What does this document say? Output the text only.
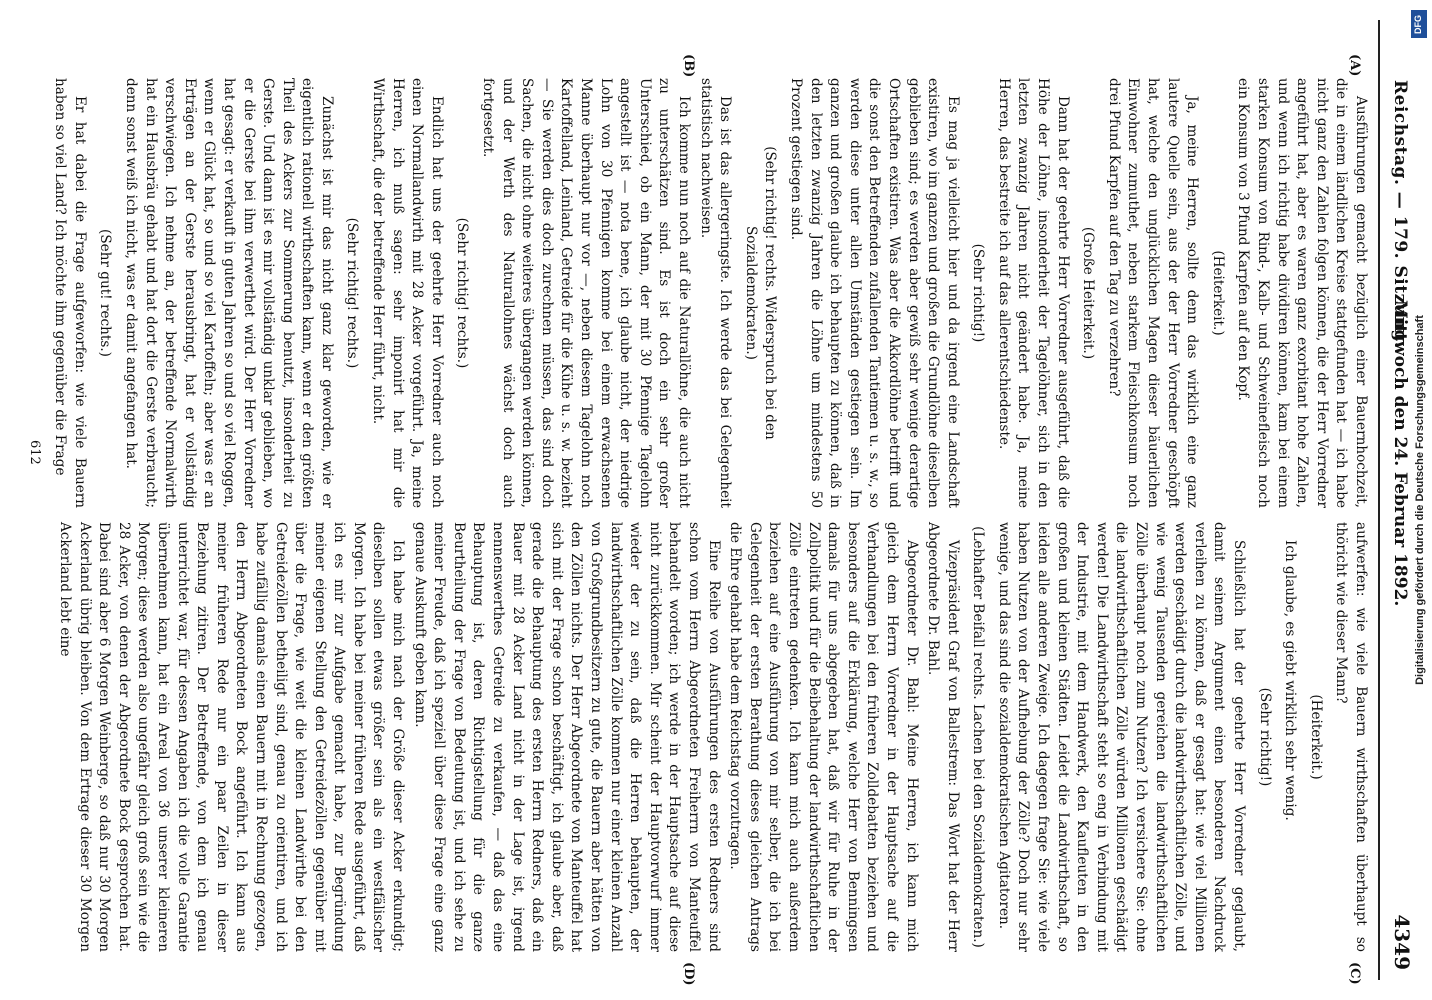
Reichstag. — 179. Sitzung.
Mittwoch den 24. Februar 1892.
4349
(A)
(B)
(C)
(D)

Ausführungen gemacht bezüglich einer Bauernhochzeit, die in einem ländlichen Kreise stattgefunden hat — ich habe nicht ganz den Zahlen folgen können, die der Herr Vorredner angeführt hat, aber es waren ganz exorbitant hohe Zahlen, und wenn ich richtig habe dividiren können, kam bei einem starken Konsum von Rind-, Kalb- und Schweinefleisch noch ein Konsum von 3 Pfund Karpfen auf den Kopf.

(Heiterkeit.)

Ja, meine Herren, sollte denn das wirklich eine ganz lautere Quelle sein, aus der der Herr Vorredner geschöpft hat, welche den unglücklichen Magen dieser bäuerlichen Einwohner zumuthet, neben starkem Fleischkonsum noch drei Pfund Karpfen auf den Tag zu verzehren?

(Große Heiterkeit.)

Dann hat der geehrte Herr Vorredner ausgeführt, daß die Höhe der Löhne, insonderheit der Tagelöhner, sich in den letzten zwanzig Jahren nicht geändert habe. Ja, meine Herren, das bestreite ich auf das allerentschiedenste.

(Sehr richtig!)

Es mag ja vielleicht hier und da irgend eine Landschaft existiren, wo im ganzen und großen die Grundlöhne dieselben geblieben sind; es werden aber gewiß sehr wenige derartige Ortschaften existiren. Was aber die Akkordlöhne betrifft und die sonst den Betreffenden zufallenden Tantiemen u. s. w., so werden diese unter allen Umständen gestiegen sein. Im ganzen und großen glaube ich behaupten zu können, daß in den letzten zwanzig Jahren die Löhne um mindestens 50 Prozent gestiegen sind.

(Sehr richtig! rechts. Widerspruch bei den Sozialdemokraten.)

Das ist das allergeringste. Ich werde das bei Gelegenheit statistisch nachweisen.

Ich komme nun noch auf die Naturallöhne, die auch nicht zu unterschätzen sind. Es ist doch ein sehr großer Unterschied, ob ein Mann, der mit 30 Pfennige Tagelohn angestellt ist — nota bene, ich glaube nicht, der niedrige Lohn von 30 Pfennigen komme bei einem erwachsenen Manne überhaupt nur vor —, neben diesem Tagelohn noch Kartoffelland, Leinland, Getreide für die Kühe u. s. w. bezieht — Sie werden dies doch zurechnen müssen, das sind doch Sachen, die nicht ohne weiteres übergangen werden können, und der Werth des Naturallohnes wächst doch auch fortgesetzt.

(Sehr richtig! rechts.)

Endlich hat uns der geehrte Herr Vorredner auch noch einen Normallandwirth mit 28 Acker vorgeführt. Ja, meine Herren, ich muß sagen: sehr imponirt hat mir die Wirthschaft, die der betreffende Herr führt, nicht.

(Sehr richtig! rechts.)

Zunächst ist mir das nicht ganz klar geworden, wie er eigentlich rationell wirthschaften kann, wenn er den größten Theil des Ackers zur Sommerung benutzt, insonderheit zu Gerste. Und dann ist es mir vollständig unklar geblieben, wo er die Gerste bei ihm verwerthet wird. Der Herr Vorredner hat gesagt: er verkauft in guten Jahren so und so viel Roggen, wenn er Glück hat, so und so viel Kartoffeln; aber was er an Erträgen an der Gerste herausbringt, hat er vollständig verschwiegen. Ich nehme an, der betreffende Normalwirth hat ein Hausbräu gehabt und hat dort die Gerste verbraucht; denn sonst weiß ich nicht, was er damit angefangen hat.

(Sehr gut! rechts.)

Er hat dabei die Frage aufgeworfen: wie viele Bauern haben so viel Land? Ich möchte ihm gegenüber die Frage

aufwerfen: wie viele Bauern wirthschaften überhaupt so thöricht wie dieser Mann?

(Heiterkeit.)

Ich glaube, es giebt wirklich sehr wenig.

(Sehr richtig!)

Schließlich hat der geehrte Herr Vorredner geglaubt, damit seinem Argument einen besonderen Nachdruck verleihen zu können, daß er gesagt hat: wie viel Millionen werden geschädigt durch die landwirthschaftlichen Zölle, und wie wenig Tausenden gereichen die landwirthschaftlichen Zölle überhaupt noch zum Nutzen? Ich versichere Sie: ohne die landwirthschaftlichen Zölle würden Millionen geschädigt werden! Die Landwirthschaft steht so eng in Verbindung mit der Industrie, mit dem Handwerk, den Kaufleuten in den großen und kleinen Städten. Leidet die Landwirthschaft, so leiden alle anderen Zweige. Ich dagegen frage Sie: wie viele haben Nutzen von der Aufhebung der Zölle? Doch nur sehr wenige, und das sind die sozialdemokratischen Agitatoren.

(Lebhafter Beifall rechts. Lachen bei den Sozialdemokraten.)

Vizepräsident Graf von Ballestrem: Das Wort hat der Herr Abgeordnete Dr. Bahl.

Abgeordneter Dr. Bahl: Meine Herren, ich kann mich gleich dem Herrn Vorredner in der Hauptsache auf die Verhandlungen bei den früheren Zolldebatten beziehen und besonders auf die Erklärung, welche Herr von Benningsen damals für uns abgegeben hat, daß wir für Ruhe in der Zollpolitik und für die Beibehaltung der landwirthschaftlichen Zölle eintreten gedenken. Ich kann mich auch außerdem beziehen auf eine Ausführung von mir selber, die ich bei Gelegenheit der ersten Berathung dieses gleichen Antrags die Ehre gehabt habe dem Reichstag vorzutragen.

Eine Reihe von Ausführungen des ersten Redners sind schon vom Herrn Abgeordneten Freiherrn von Manteuffel behandelt worden; ich werde in der Hauptsache auf diese nicht zurückkommen. Mir scheint der Hauptvorwurf immer wieder der zu sein, daß die Herren behaupten, der landwirthschaftlichen Zölle kommen nur einer kleinen Anzahl von Großgrundbesitzern zu gute, die Bauern aber hätten von den Zöllen nichts. Der Herr Abgeordnete von Manteuffel hat sich mit der Frage schon beschäftigt, ich glaube aber, daß gerade die Behauptung des ersten Herrn Redners, daß ein Bauer mit 28 Acker Land nicht in der Lage ist, irgend nennenswerthes Getreide zu verkaufen, — daß das eine Behauptung ist, deren Richtigstellung für die ganze Beurtheilung der Frage von Bedeutung ist, und ich sehe zu meiner Freude, daß ich speziell über diese Frage eine ganz genaue Auskunft geben kann.

Ich habe mich nach der Größe dieser Acker erkundigt; dieselben sollen etwas größer sein als ein westfälischer Morgen. Ich habe bei meiner früheren Rede ausgeführt, daß ich es mir zur Aufgabe gemacht habe, zur Begründung meiner eigenen Stellung den Getreidezöllen gegenüber mit über die Frage, wie weit die kleinen Landwirthe bei den Getreidezöllen betheiligt sind, genau zu orientiren, und ich habe zufällig damals einen Bauern mit in Rechnung gezogen, den Herrn Abgeordneten Bock angeführt. Ich kann aus meiner früheren Rede nur ein paar Zeilen in dieser Beziehung zitiren. Der Betreffende, von dem ich genau unterrichtet war, für dessen Angaben ich die volle Garantie übernehmen kann, hat ein Areal von 36 unserer kleineren Morgen; diese werden also ungefähr gleich groß sein wie die 28 Acker, von denen der Abgeordnete Bock gesprochen hat. Dabei sind aber 6 Morgen Weinberge, so daß nur 30 Morgen Ackerland übrig bleiben. Von dem Ertrage dieser 30 Morgen Ackerland lebt eine

612	Digitalisierung gefördert durch die Deutsche Forschungsgemeinschaft
DFG
